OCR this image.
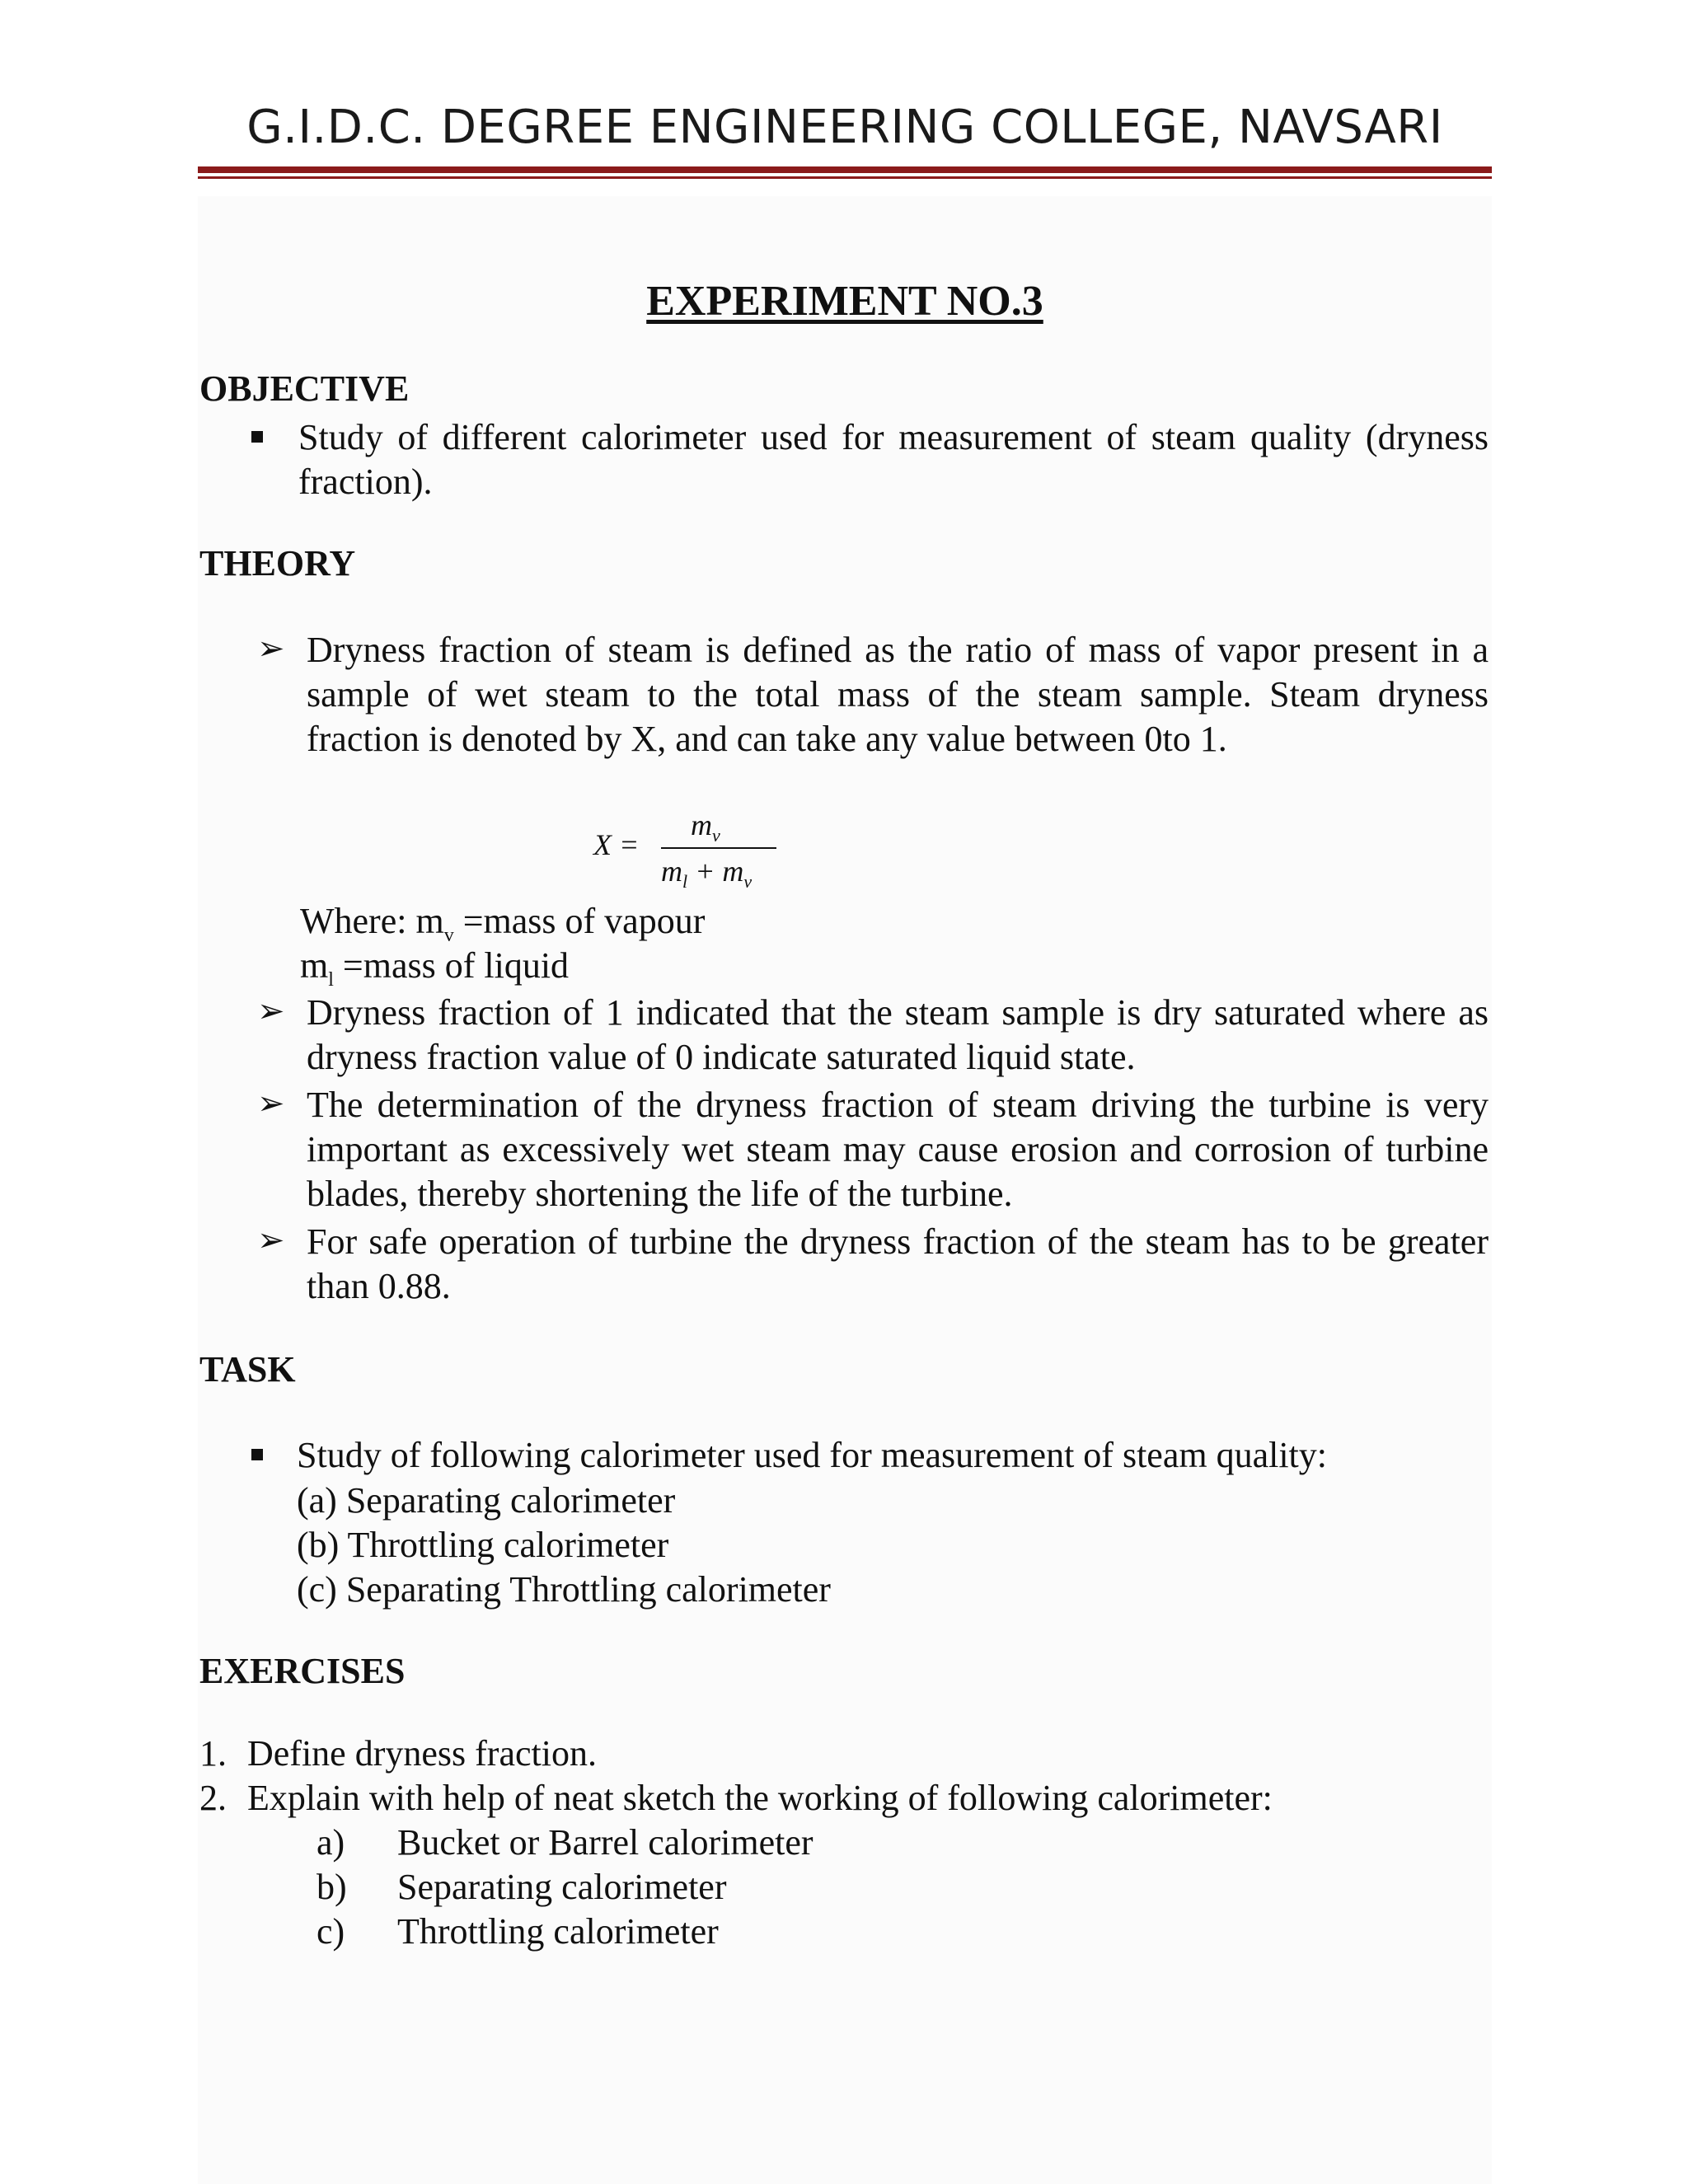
G.I.D.C. DEGREE ENGINEERING COLLEGE, NAVSARI
EXPERIMENT NO.3
OBJECTIVE
Study of different calorimeter used for measurement of steam quality (dryness fraction).
THEORY
➢ Dryness fraction of steam is defined as the ratio of mass of vapor present in a sample of wet steam to the total mass of the steam sample. Steam dryness fraction is denoted by X, and can take any value between 0to 1.
X =
$m_v$
$m_l + m_v$
Where: $m_v$ =mass of vapour
$m_l$ =mass of liquid
➢ Dryness fraction of 1 indicated that the steam sample is dry saturated where as dryness fraction value of 0 indicate saturated liquid state.
➢ The determination of the dryness fraction of steam driving the turbine is very important as excessively wet steam may cause erosion and corrosion of turbine blades, thereby shortening the life of the turbine.
➢ For safe operation of turbine the dryness fraction of the steam has to be greater than 0.88.
TASK
Study of following calorimeter used for measurement of steam quality:
(a) Separating calorimeter
(b) Throttling calorimeter
(c) Separating Throttling calorimeter
EXERCISES
1. Define dryness fraction.
2. Explain with help of neat sketch the working of following calorimeter:
a) Bucket or Barrel calorimeter
b) Separating calorimeter
c) Throttling calorimeter
